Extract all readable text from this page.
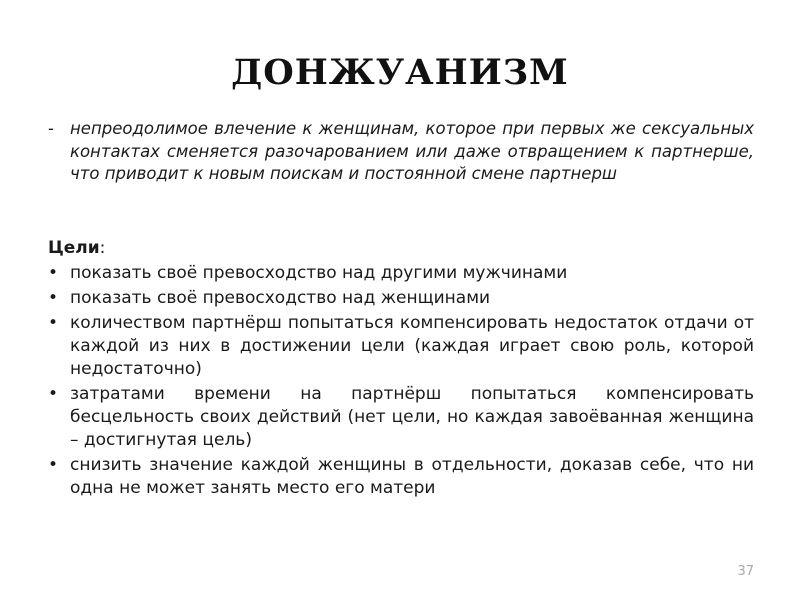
ДОНЖУАНИЗМ
- непреодолимое влечение к женщинам, которое при первых же сексуальных контактах сменяется разочарованием или даже отвращением к партнерше, что приводит к новым поискам и постоянной смене партнерш
Цели:
• показать своё превосходство над другими мужчинами
• показать своё превосходство над женщинами
• количеством партнёрш попытаться компенсировать недостаток отдачи от каждой из них в достижении цели (каждая играет свою роль, которой недостаточно)
• затратами времени на партнёрш попытаться компенсировать бесцельность своих действий (нет цели, но каждая завоёванная женщина – достигнутая цель)
• снизить значение каждой женщины в отдельности, доказав себе, что ни одна не может занять место его матери
37
